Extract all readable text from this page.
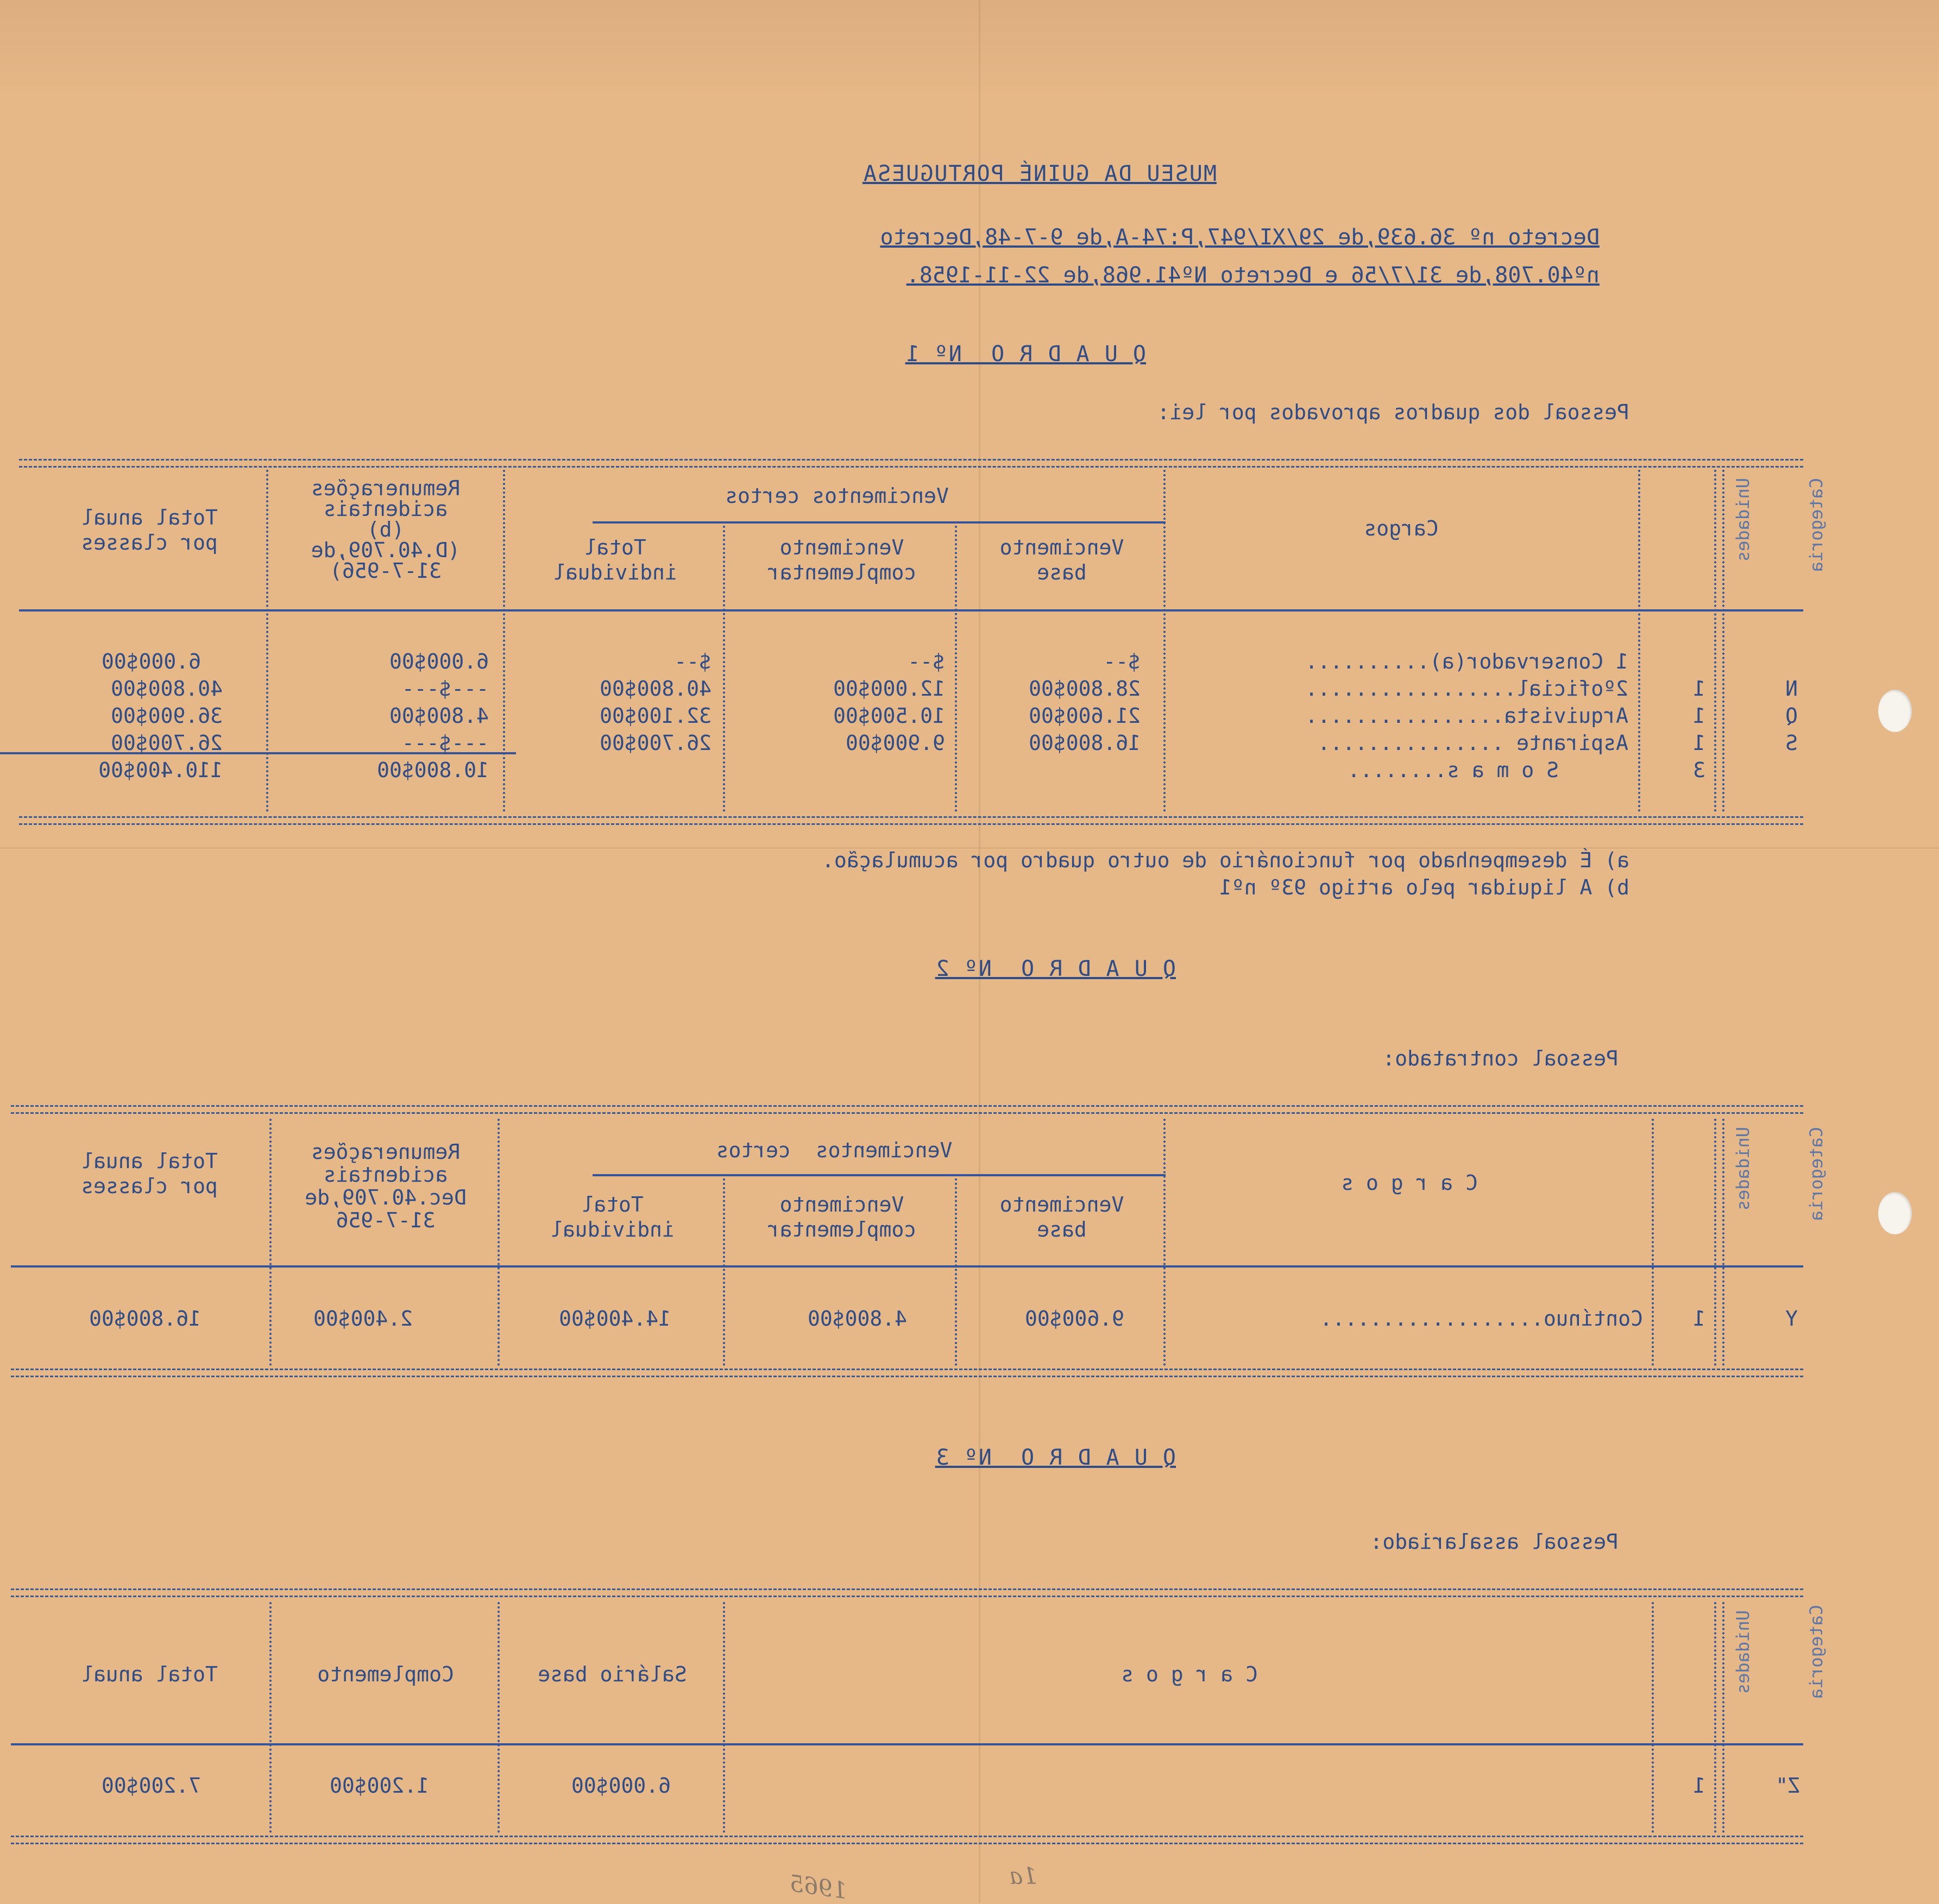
MUSEU DA GUINÉ PORTUGUESA
Decreto nº 36.639,de 29/XI/947,P:74-A,de 9-7-48,Decreto
nº40.708,de 31/7/56 e Decreto Nº41.968,de 22-11-1958.
Q U A D R O  Nº 1
Pessoal dos quadros aprovados por lei:
Categoria
Unidades
Cargos
Vencimentos certos
Vencimento
base
Vencimento
complementar
Total
individual
Remunerações
acidentais
(b)
(D.40.709,de
31-7-956)
Total anual
por classes
1 Conservador(a)..........
$--
$--
$--
6.000$00
6.000$00
N
1
2ºoficial.................
28.800$00
12.000$00
40.800$00
---$---
40.800$00
Q
1
Arquivista................
21.600$00
10.500$00
32.100$00
4.800$00
36.900$00
S
1
Aspirante ...............
16.800$00
9.900$00
26.700$00
---$---
26.700$00
3
S o m a s........
10.800$00
110.400$00
a) É desempenhado por funcionário de outro quadro por acumulação.
b) A liquidar pelo artigo 93º nº1
Q U A D R O  Nº 2
Pessoal contratado:
Categoria
Unidades
C a r g o s
Vencimentos  certos
Vencimento
base
Vencimento
complementar
Total
individual
Remunerações
acidentais
Dec.40.709,de
31-7-956
Total anual
por classes
Y
1
Contínuo..................
9.600$00
4.800$00
14.400$00
2.400$00
16.800$00
Q U A D R O  Nº 3
Pessoal assalariado:
Categoria
Unidades
C a r g o s
Salário base
Complemento
Total anual
Z"
1
6.000$00
1.200$00
7.200$00
1a
1965
